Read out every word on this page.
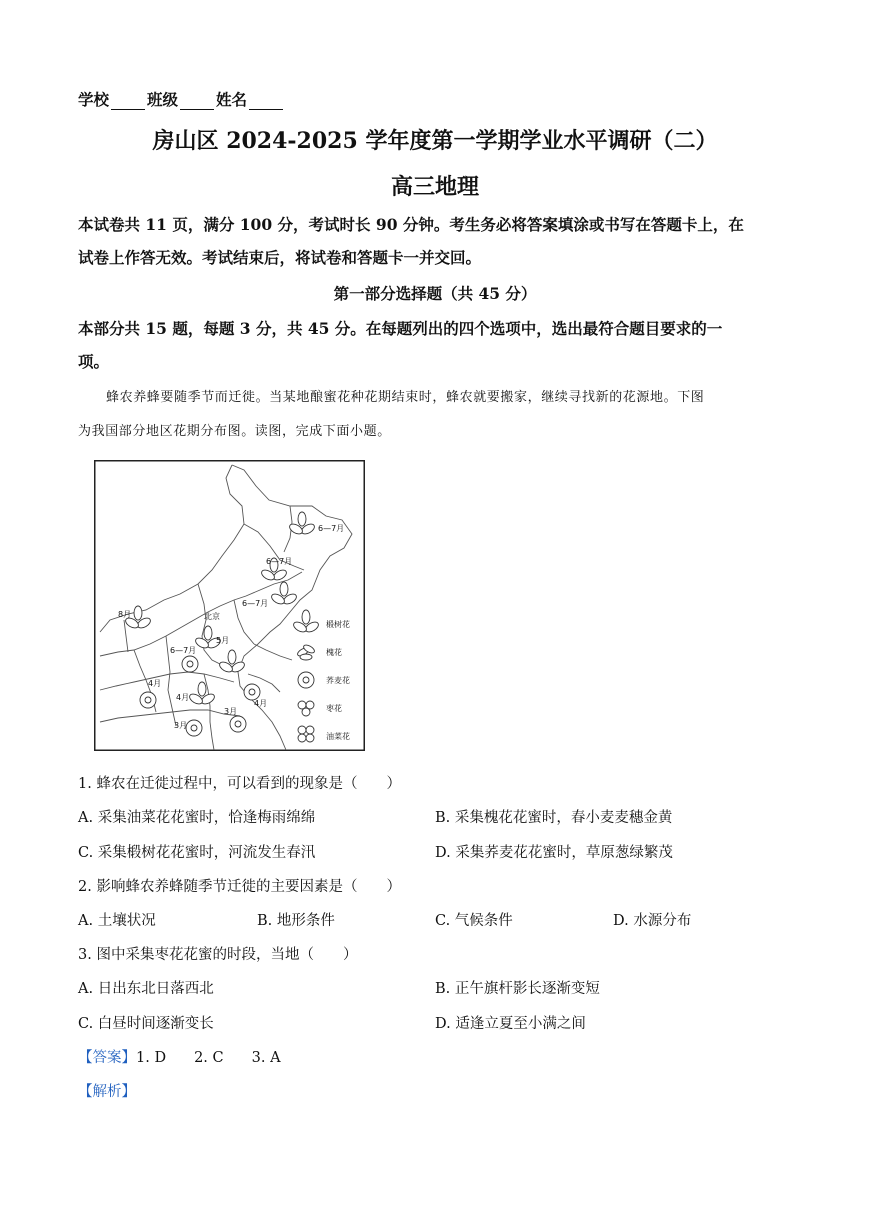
学校 班级 姓名
房山区 2024-2025 学年度第一学期学业水平调研（二）
高三地理
本试卷共 11 页，满分 100 分，考试时长 90 分钟。考生务必将答案填涂或书写在答题卡上，在
试卷上作答无效。考试结束后，将试卷和答题卡一并交回。
第一部分选择题（共 45 分）
本部分共 15 题，每题 3 分，共 45 分。在每题列出的四个选项中，选出最符合题目要求的一
项。
蜂农养蜂要随季节而迁徙。当某地酿蜜花种花期结束时，蜂农就要搬家，继续寻找新的花源地。下图
为我国部分地区花期分布图。读图，完成下面小题。
6—7月
6—7月
6—7月
8月	北京
5月
6—7月
4月
4月
3月
3月
4月
椴树花
槐花
荞麦花
枣花
油菜花
1. 蜂农在迁徙过程中，可以看到的现象是（　　）
A. 采集油菜花花蜜时，恰逢梅雨绵绵	B. 采集槐花花蜜时，春小麦麦穗金黄
C. 采集椴树花花蜜时，河流发生春汛	D. 采集荞麦花花蜜时，草原葱绿繁茂
2. 影响蜂农养蜂随季节迁徙的主要因素是（　　）
A. 土壤状况	B. 地形条件	C. 气候条件	D. 水源分布
3. 图中采集枣花花蜜的时段，当地（　　）
A. 日出东北日落西北	B. 正午旗杆影长逐渐变短
C. 白昼时间逐渐变长	D. 适逢立夏至小满之间
【答案】1. D 2. C 3. A
【解析】
